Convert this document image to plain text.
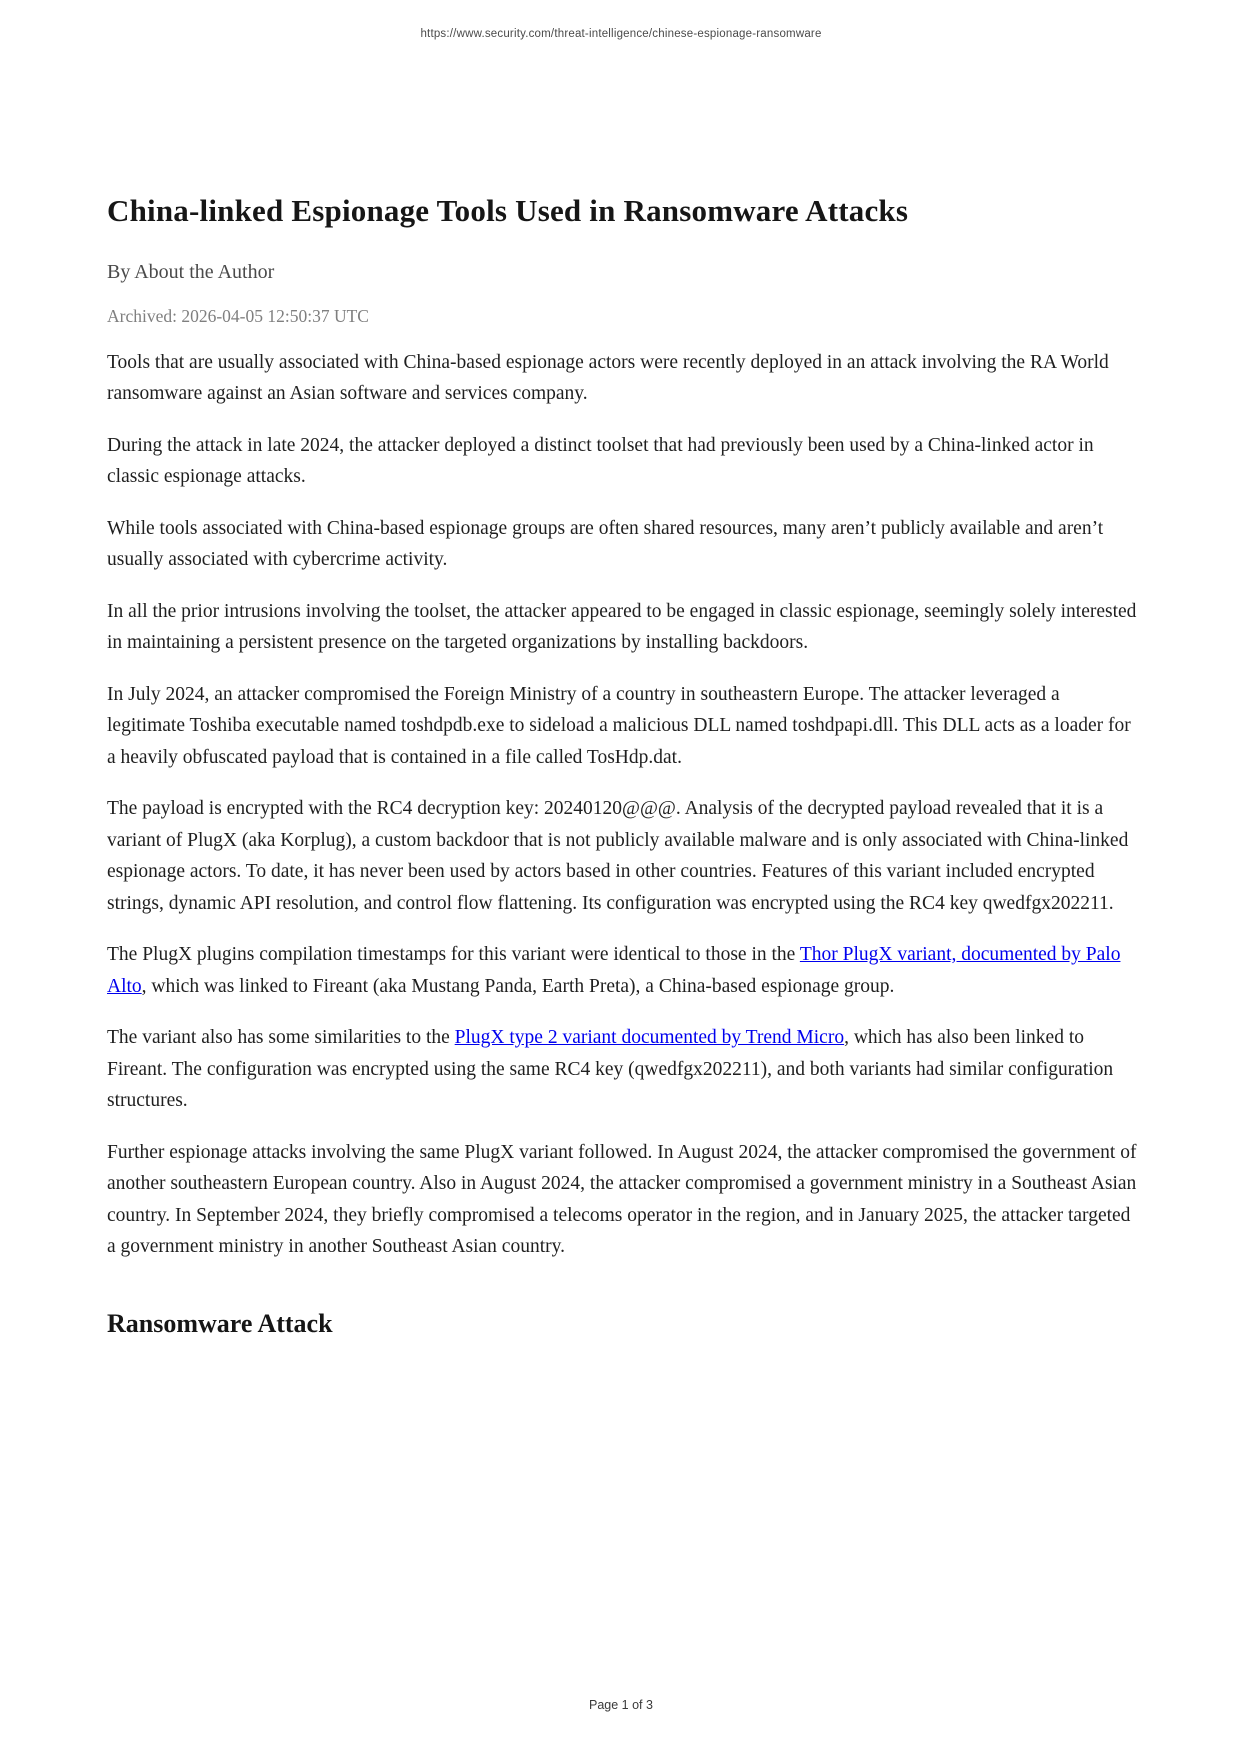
https://www.security.com/threat-intelligence/chinese-espionage-ransomware
China-linked Espionage Tools Used in Ransomware Attacks
By About the Author
Archived: 2026-04-05 12:50:37 UTC

Tools that are usually associated with China-based espionage actors were recently deployed in an attack involving the RA World ransomware against an Asian software and services company.

During the attack in late 2024, the attacker deployed a distinct toolset that had previously been used by a China-linked actor in classic espionage attacks.

While tools associated with China-based espionage groups are often shared resources, many aren’t publicly available and aren’t usually associated with cybercrime activity.

In all the prior intrusions involving the toolset, the attacker appeared to be engaged in classic espionage, seemingly solely interested in maintaining a persistent presence on the targeted organizations by installing backdoors.

In July 2024, an attacker compromised the Foreign Ministry of a country in southeastern Europe. The attacker leveraged a legitimate Toshiba executable named toshdpdb.exe to sideload a malicious DLL named toshdpapi.dll. This DLL acts as a loader for a heavily obfuscated payload that is contained in a file called TosHdp.dat.

The payload is encrypted with the RC4 decryption key: 20240120@@@. Analysis of the decrypted payload revealed that it is a variant of PlugX (aka Korplug), a custom backdoor that is not publicly available malware and is only associated with China-linked espionage actors. To date, it has never been used by actors based in other countries. Features of this variant included encrypted strings, dynamic API resolution, and control flow flattening. Its configuration was encrypted using the RC4 key qwedfgx202211.

The PlugX plugins compilation timestamps for this variant were identical to those in the Thor PlugX variant, documented by Palo Alto, which was linked to Fireant (aka Mustang Panda, Earth Preta), a China-based espionage group.

The variant also has some similarities to the PlugX type 2 variant documented by Trend Micro, which has also been linked to Fireant. The configuration was encrypted using the same RC4 key (qwedfgx202211), and both variants had similar configuration structures.

Further espionage attacks involving the same PlugX variant followed. In August 2024, the attacker compromised the government of another southeastern European country. Also in August 2024, the attacker compromised a government ministry in a Southeast Asian country. In September 2024, they briefly compromised a telecoms operator in the region, and in January 2025, the attacker targeted a government ministry in another Southeast Asian country.

Ransomware Attack
Page 1 of 3
